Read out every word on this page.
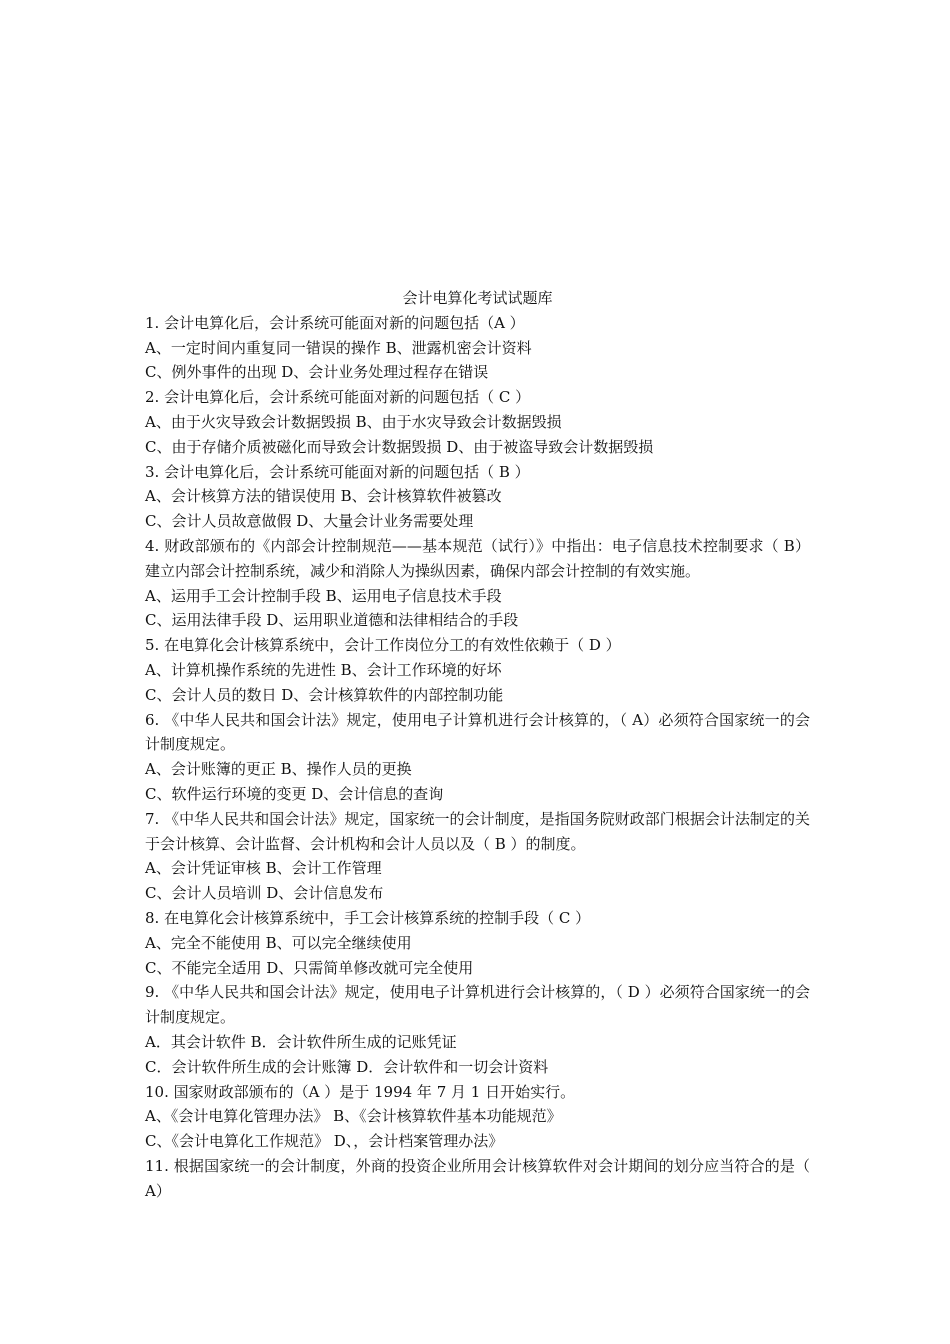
会计电算化考试试题库

1. 会计电算化后，会计系统可能面对新的问题包括（A ）

A、一定时间内重复同一错误的操作 B、泄露机密会计资料

C、例外事件的出现 D、会计业务处理过程存在错误

2. 会计电算化后，会计系统可能面对新的问题包括（ C ）

A、由于火灾导致会计数据毁损 B、由于水灾导致会计数据毁损

C、由于存储介质被磁化而导致会计数据毁损 D、由于被盗导致会计数据毁损

3. 会计电算化后，会计系统可能面对新的问题包括（ B ）

A、会计核算方法的错误使用 B、会计核算软件被篡改

C、会计人员故意做假 D、大量会计业务需要处理

4. 财政部颁布的《内部会计控制规范——基本规范（试行）》中指出：电子信息技术控制要求（ B）建立内部会计控制系统，减少和消除人为操纵因素，确保内部会计控制的有效实施。

A、运用手工会计控制手段 B、运用电子信息技术手段

C、运用法律手段 D、运用职业道德和法律相结合的手段

5. 在电算化会计核算系统中，会计工作岗位分工的有效性依赖于（ D ）

A、计算机操作系统的先进性 B、会计工作环境的好坏

C、会计人员的数日 D、会计核算软件的内部控制功能

6. 《中华人民共和国会计法》规定，使用电子计算机进行会计核算的，（ A）必须符合国家统一的会计制度规定。

A、会计账簿的更正 B、操作人员的更换

C、软件运行环境的变更 D、会计信息的查询

7. 《中华人民共和国会计法》规定，国家统一的会计制度，是指国务院财政部门根据会计法制定的关于会计核算、会计监督、会计机构和会计人员以及（ B ）的制度。

A、会计凭证审核 B、会计工作管理

C、会计人员培训 D、会计信息发布

8. 在电算化会计核算系统中，手工会计核算系统的控制手段（ C ）

A、完全不能使用 B、可以完全继续使用

C、不能完全适用 D、只需简单修改就可完全使用

9. 《中华人民共和国会计法》规定，使用电子计算机进行会计核算的，（ D ）必须符合国家统一的会计制度规定。

A．其会计软件 B．会计软件所生成的记账凭证

C．会计软件所生成的会计账簿 D．会计软件和一切会计资料

10. 国家财政部颁布的（A ）是于 1994 年 7 月 1 日开始实行。

A、《会计电算化管理办法》 B、《会计核算软件基本功能规范》

C、《会计电算化工作规范》 D、，会计档案管理办法》

11. 根据国家统一的会计制度，外商的投资企业所用会计核算软件对会计期间的划分应当符合的是（ A）
